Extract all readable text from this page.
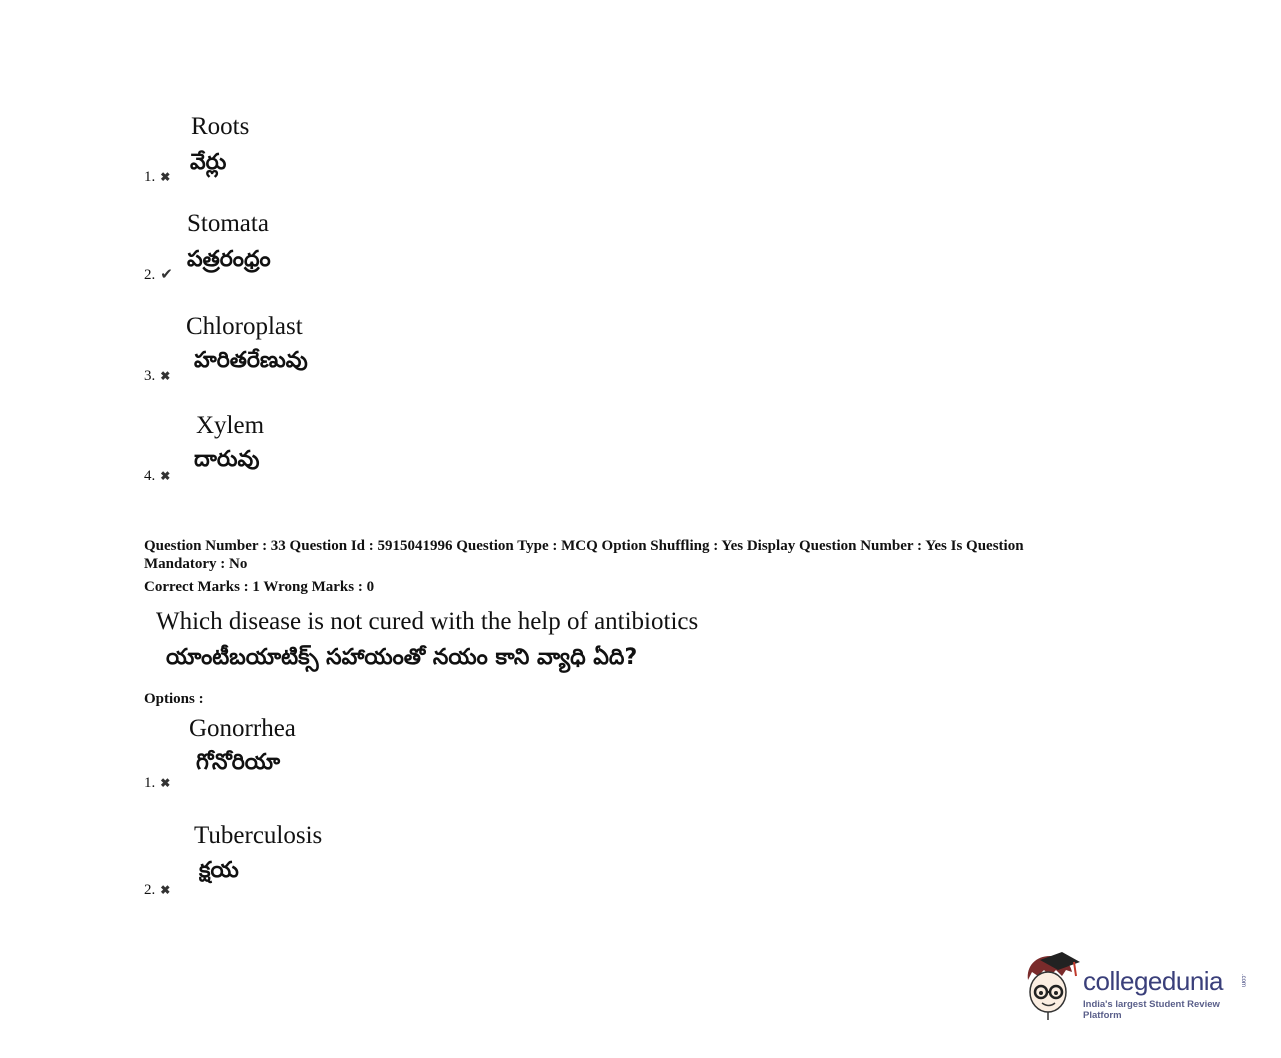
Roots
వేర్లు
1. ✖
Stomata
పత్రరంధ్రం
2. ✔
Chloroplast
హరితరేణువు
3. ✖
Xylem
దారువు
4. ✖
Question Number : 33 Question Id : 5915041996 Question Type : MCQ Option Shuffling : Yes Display Question Number : Yes Is Question
Mandatory : No
Correct Marks : 1 Wrong Marks : 0
Which disease is not cured with the help of antibiotics
యాంటీబయాటిక్స్ సహాయంతో నయం కాని వ్యాధి ఏది?
Options :
Gonorrhea
గోనోరియా
1. ✖
Tuberculosis
క్షయ
2. ✖
collegedunia	.com
India's largest Student Review Platform
